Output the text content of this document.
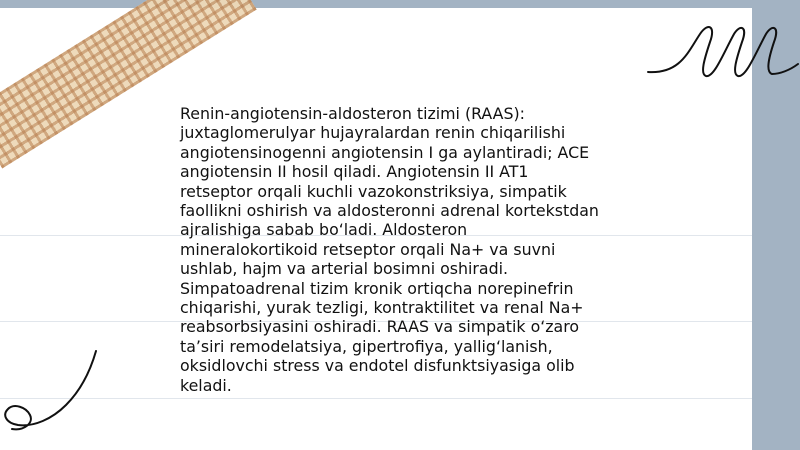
Renin-angiotensin-aldosteron tizimi (RAAS):
juxtaglomerulyar hujayralardan renin chiqarilishi
angiotensinogenni angiotensin I ga aylantiradi; ACE
angiotensin II hosil qiladi. Angiotensin II AT1
retseptor orqali kuchli vazokonstriksiya, simpatik
faollikni oshirish va aldosteronni adrenal kortekstdan
ajralishiga sabab bo‘ladi. Aldosteron
mineralokortikoid retseptor orqali Na+ va suvni
ushlab, hajm va arterial bosimni oshiradi.
Simpatoadrenal tizim kronik ortiqcha norepinefrin
chiqarishi, yurak tezligi, kontraktilitet va renal Na+
reabsorbsiyasini oshiradi. RAAS va simpatik o‘zaro
ta’siri remodelatsiya, gipertrofiya, yallig‘lanish,
oksidlovchi stress va endotel disfunktsiyasiga olib
keladi.
